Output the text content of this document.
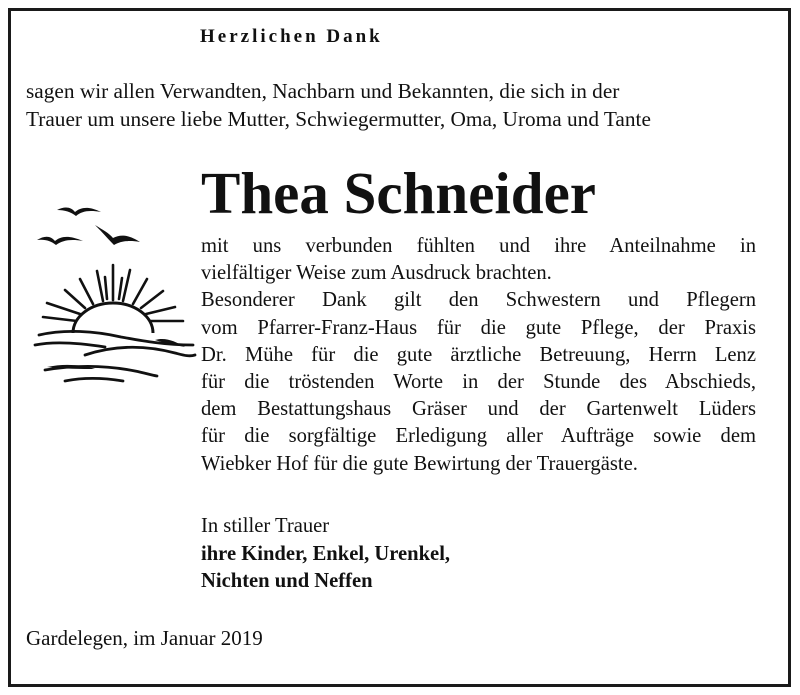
Herzlichen Dank
sagen wir allen Verwandten, Nachbarn und Bekannten, die sich in der
Trauer um unsere liebe Mutter, Schwiegermutter, Oma, Uroma und Tante
Thea Schneider
mit uns verbunden fühlten und ihre Anteilnahme in
vielfältiger Weise zum Ausdruck brachten.
Besonderer Dank gilt den Schwestern und Pflegern
vom Pfarrer-Franz-Haus für die gute Pflege, der Praxis
Dr. Mühe für die gute ärztliche Betreuung, Herrn Lenz
für die tröstenden Worte in der Stunde des Abschieds,
dem Bestattungshaus Gräser und der Gartenwelt Lüders
für die sorgfältige Erledigung aller Aufträge sowie dem
Wiebker Hof für die gute Bewirtung der Trauergäste.
In stiller Trauer
ihre Kinder, Enkel, Urenkel,
Nichten und Neffen
Gardelegen, im Januar 2019
